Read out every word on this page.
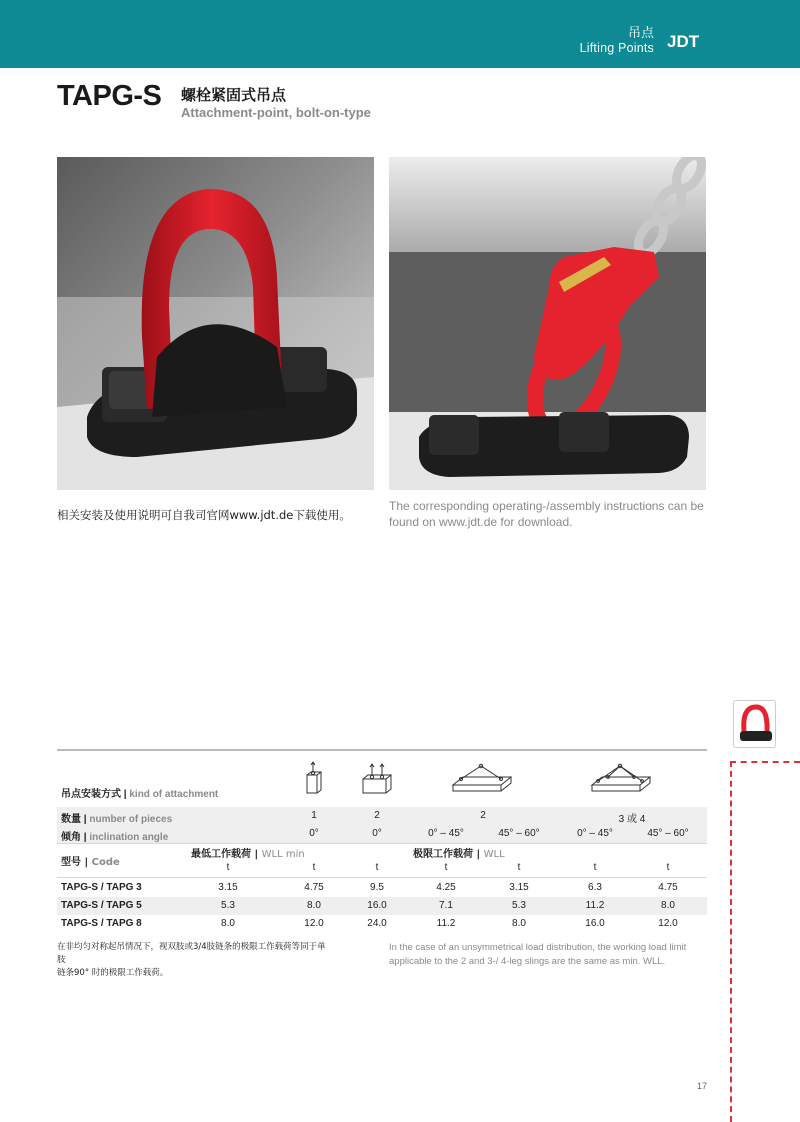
吊点
Lifting Points JDT
TAPG-S 螺栓紧固式吊点
Attachment-point, bolt-on-type
相关安装及使用说明可自我司官网www.jdt.de下载使用。
The corresponding operating-/assembly instructions can be found on www.jdt.de for download.
吊点安装方式 | kind of attachment
数量 | number of pieces	1	2	2	3 或 4
倾角 | inclination angle	0°	0°	0° – 45°	45° – 60°	0° – 45°	45° – 60°
最低工作载荷 | WLL min	极限工作载荷 | WLL
型号 | Code	t	t	t	t	t	t	t
TAPG-S / TAPG 3	3.15	4.75	9.5	4.25	3.15	6.3	4.75
TAPG-S / TAPG 5	5.3	8.0	16.0	7.1	5.3	11.2	8.0
TAPG-S / TAPG 8	8.0	12.0	24.0	11.2	8.0	16.0	12.0
在非均匀对称起吊情况下，视双肢或3/4肢链条的极限工作载荷等同于单肢
链条90° 时的极限工作载荷。
In the case of an unsymmetrical load distribution, the working load limit applicable to the 2 and 3-/ 4-leg slings are the same as min. WLL.
17
